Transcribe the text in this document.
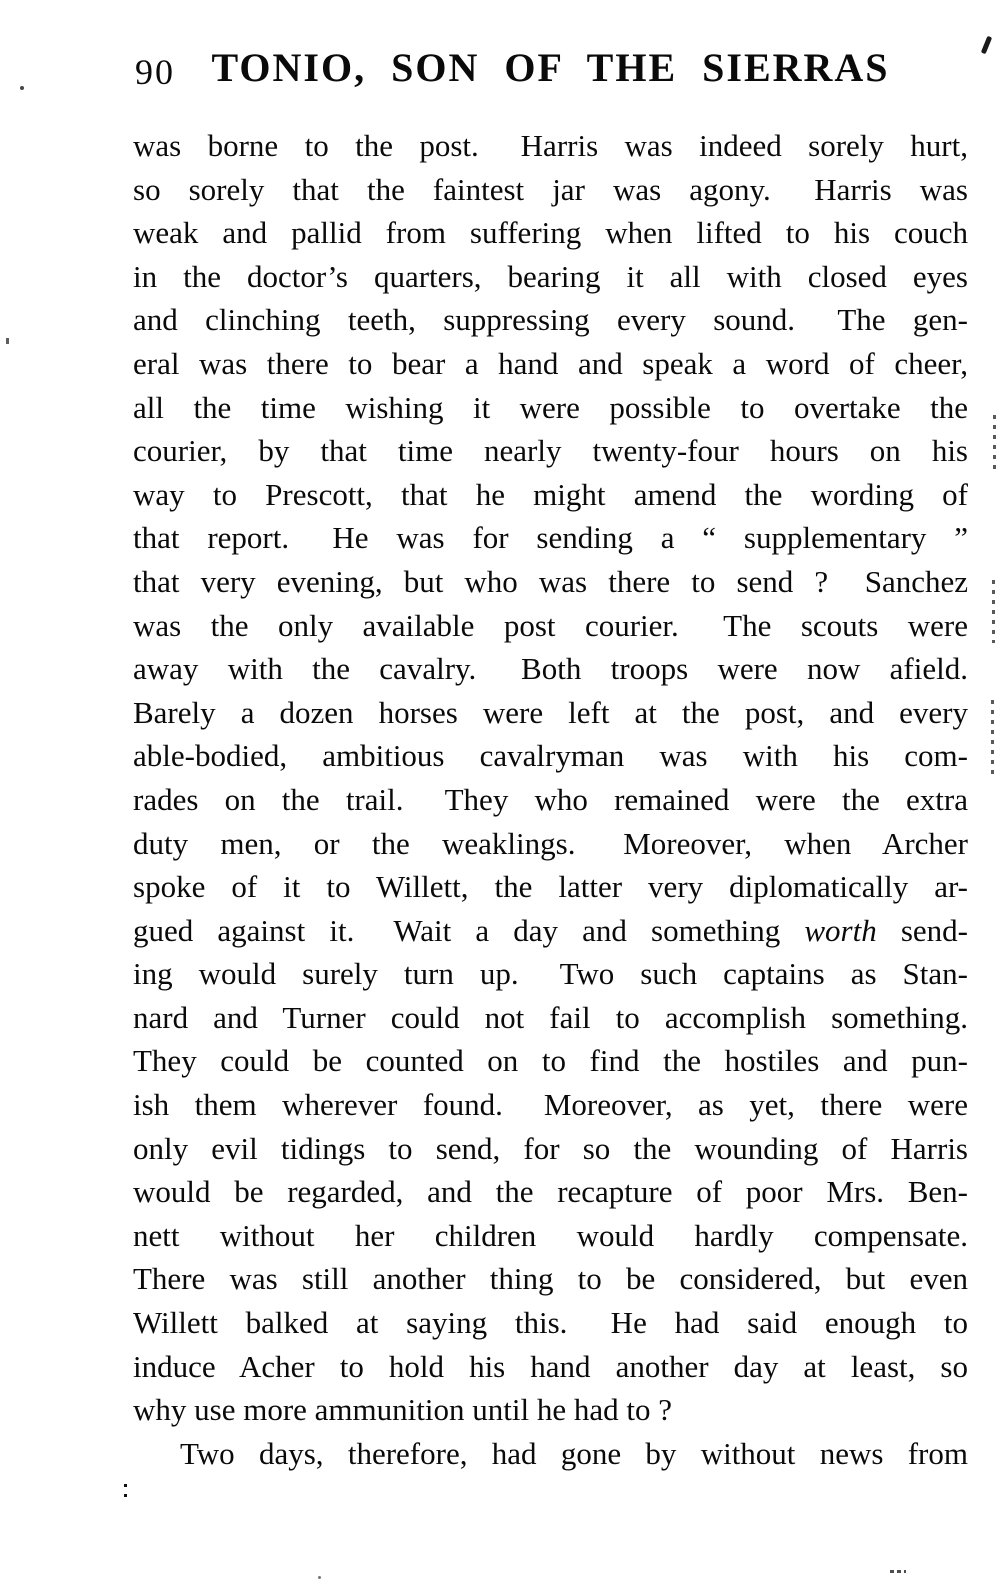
90 TONIO, SON OF THE SIERRAS
was borne to the post.  Harris was indeed sorely hurt,
so sorely that the faintest jar was agony.  Harris was
weak and pallid from suffering when lifted to his couch
in the doctor’s quarters, bearing it all with closed eyes
and clinching teeth, suppressing every sound.  The gen-
eral was there to bear a hand and speak a word of cheer,
all the time wishing it were possible to overtake the
courier, by that time nearly twenty-four hours on his
way to Prescott, that he might amend the wording of
that report.  He was for sending a “ supplementary ”
that very evening, but who was there to send ?  Sanchez
was the only available post courier.  The scouts were
away with the cavalry.  Both troops were now afield.
Barely a dozen horses were left at the post, and every
able-bodied, ambitious cavalryman was with his com-
rades on the trail.  They who remained were the extra
duty men, or the weaklings.  Moreover, when Archer
spoke of it to Willett, the latter very diplomatically ar-
gued against it.  Wait a day and something worth send-
ing would surely turn up.  Two such captains as Stan-
nard and Turner could not fail to accomplish something.
They could be counted on to find the hostiles and pun-
ish them wherever found.  Moreover, as yet, there were
only evil tidings to send, for so the wounding of Harris
would be regarded, and the recapture of poor Mrs. Ben-
nett without her children would hardly compensate.
There was still another thing to be considered, but even
Willett balked at saying this.  He had said enough to
induce Acher to hold his hand another day at least, so
why use more ammunition until he had to ?
Two days, therefore, had gone by without news from
